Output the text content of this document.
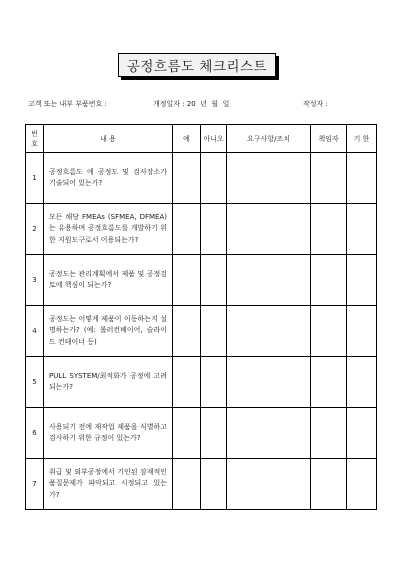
공정흐름도 체크리스트
고객 또는 내부 부품번호 :	개정일자 : 20  년  월  일	작성자 :
번
호	내 용	예	아니오	요구사항/조치	책임자	기 한
1	공정흐름도 에 공정도 및 검사장소가 기술되어 있는가?					
2	모든 해당 FMEAs (SFMEA, DFMEA)는 유용하며 공정흐름도를 개발하기 위한 지원도구로서 이용되는가?					
3	공정도는 관리계획에서 제품 및 공정검토에 핵심이 되는가?					
4	공정도는 어떻게 제품이 이동하는지 설명하는가? (예: 롤러컨베이어, 슬라이드 컨테이너 등)					
5	PULL SYSTEM/최적화가 공정에 고려되는가?					
6	사용되기 전에 재작업 제품을 식별하고 검사하기 위한 규정이 있는가?					
7	취급 및 외부공정에서 기인된 잠재적인 품질문제가 파악되고 시정되고 있는가?					
